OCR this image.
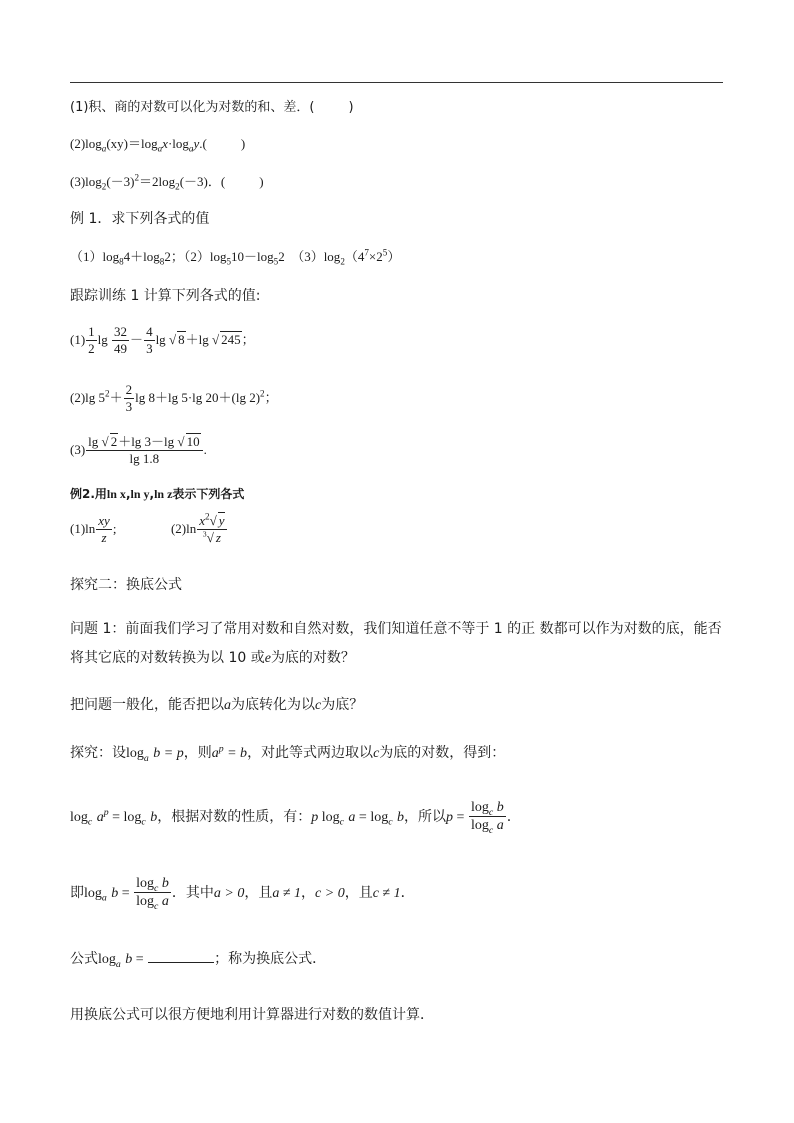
(1)积、商的对数可以化为对数的和、差．(	)
$(2)\log_a(xy)=\log_ax\cdot\log_ay$.(	)
$(3)\log_2(-3)^2=2\log_2(-3)$．(	)
例 1．求下列各式的值
$(1)\log_84+\log_82$；$(2)\log_510-\log_52$　$(3)\log_2(4^7\times 2^5)$
跟踪训练 1 计算下列各式的值:
$(1) \frac{1}{2}$ $\lg \frac{32}{49} - \frac{4}{3}$ lg √ 8＋lg √ 245；
(2)lg $5^2+ \frac{2}{3}$ lg 8＋lg 5·lg 20＋(lg 2)$^2$；
$(3) \frac{\lg √ 2+\lg 3-\lg √ 10}{\lg 1.8}$ .
例2.用ln x,ln y,ln z表示下列各式
$(1)\ln \frac{xy}{z}$ ;	$(2)\ln \frac{x^2√ y}{^3√ z}$
探究二：换底公式
问题 1：前面我们学习了常用对数和自然对数，我们知道任意不等于 1 的正 数都可以作为对数的底，能否
将其它底的对数转换为以 10 或e为底的对数？
把问题一般化，能否把以a为底转化为以c为底？
探究：设$\log_a b = p$，则$a^p = b$，对此等式两边取以c为底的对数，得到：
$\log_c a^p = \log_c b$，根据对数的性质，有：p $\log_c a = \log_c b$，所以$p = \frac{\log_c b}{\log_c a}$ .
即$\log_a b = \frac{\log_c b}{\log_c a}$ ．其中a > 0，且a ≠ 1，c > 0，且c ≠ 1．
公式$\log_a b$ =	；称为换底公式．
用换底公式可以很方便地利用计算器进行对数的数值计算．
